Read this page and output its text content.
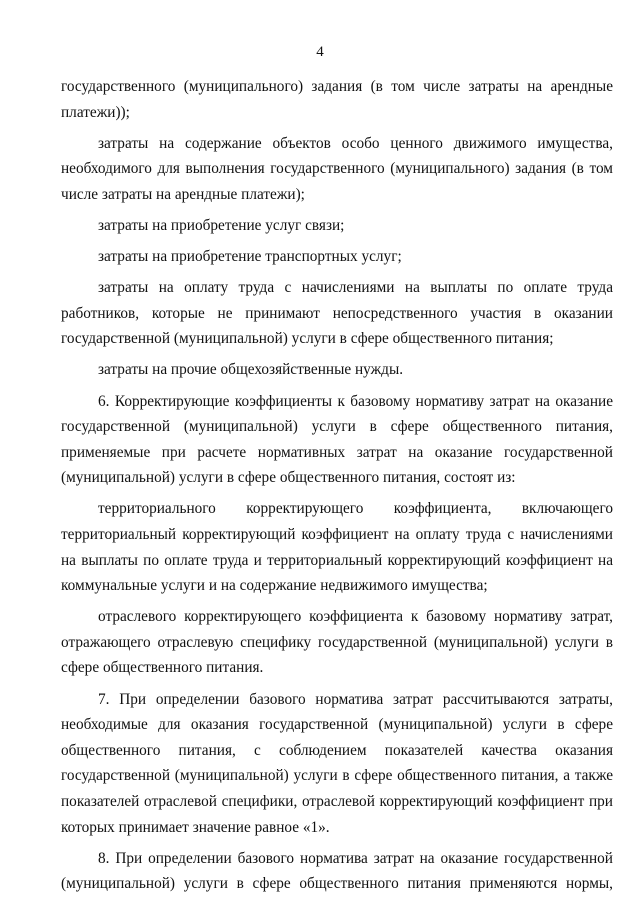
4

государственного (муниципального) задания (в том числе затраты на арендные платежи));

затраты на содержание объектов особо ценного движимого имущества, необходимого для выполнения государственного (муниципального) задания (в том числе затраты на арендные платежи);

затраты на приобретение услуг связи;

затраты на приобретение транспортных услуг;

затраты на оплату труда с начислениями на выплаты по оплате труда работников, которые не принимают непосредственного участия в оказании государственной (муниципальной) услуги в сфере общественного питания;

затраты на прочие общехозяйственные нужды.

6. Корректирующие коэффициенты к базовому нормативу затрат на оказание государственной (муниципальной) услуги в сфере общественного питания, применяемые при расчете нормативных затрат на оказание государственной (муниципальной) услуги в сфере общественного питания, состоят из:

территориального корректирующего коэффициента, включающего территориальный корректирующий коэффициент на оплату труда с начислениями на выплаты по оплате труда и территориальный корректирующий коэффициент на коммунальные услуги и на содержание недвижимого имущества;

отраслевого корректирующего коэффициента к базовому нормативу затрат, отражающего отраслевую специфику государственной (муниципальной) услуги в сфере общественного питания.

7. При определении базового норматива затрат рассчитываются затраты, необходимые для оказания государственной (муниципальной) услуги в сфере общественного питания, с соблюдением показателей качества оказания государственной (муниципальной) услуги в сфере общественного питания, а также показателей отраслевой специфики, отраслевой корректирующий коэффициент при которых принимает значение равное «1».

8. При определении базового норматива затрат на оказание государственной (муниципальной) услуги в сфере общественного питания применяются нормы,
